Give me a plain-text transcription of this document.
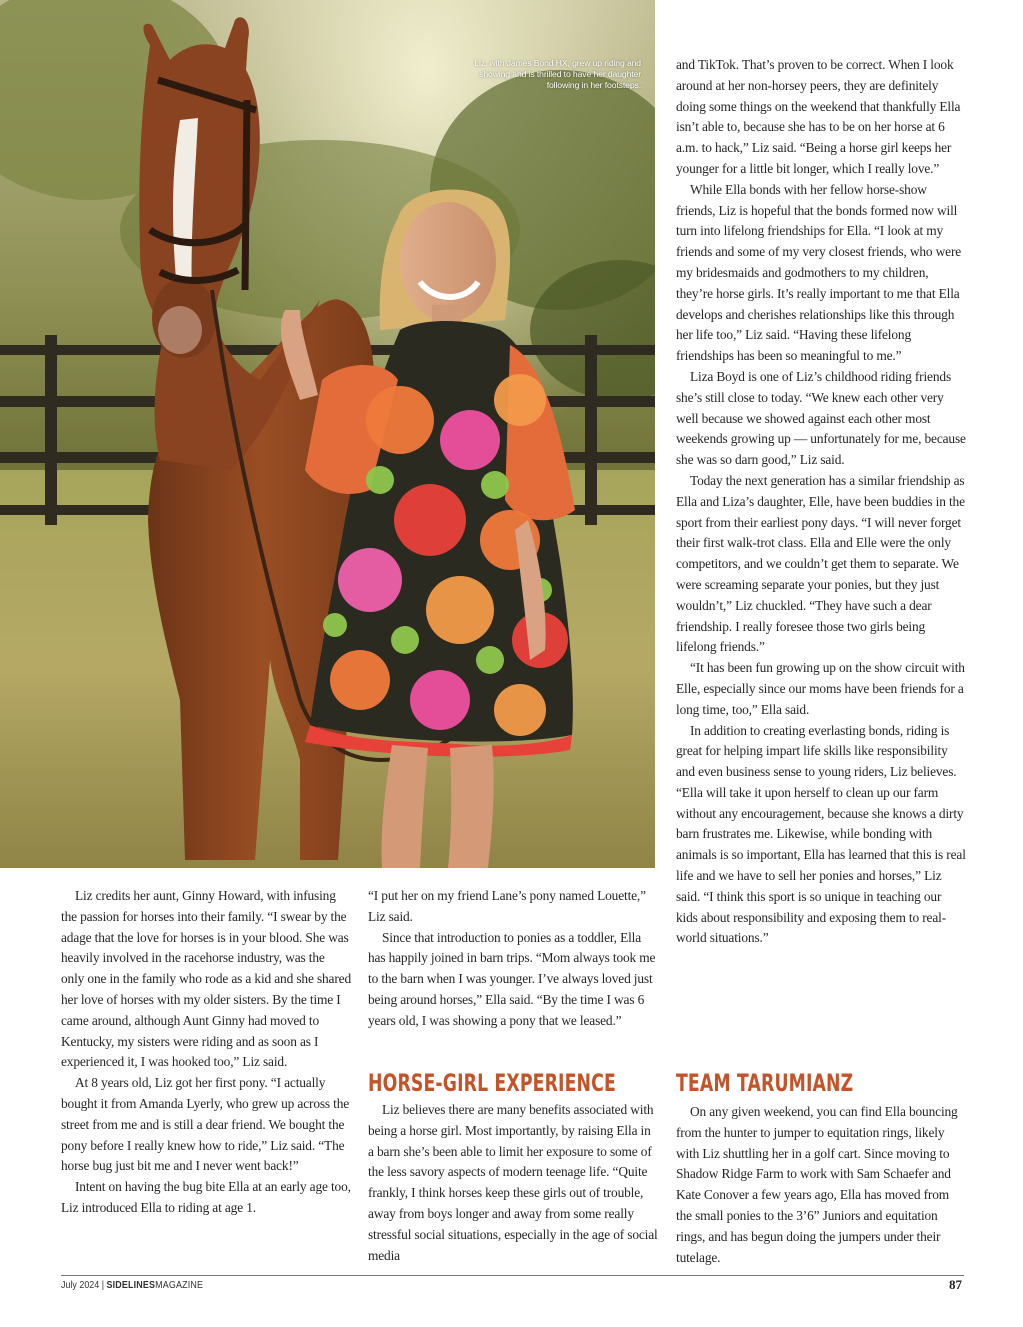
Liz, with James Bond HX, grew up riding and showing and is thrilled to have her daughter following in her footsteps.

and TikTok. That’s proven to be correct. When I look around at her non-horsey peers, they are definitely doing some things on the weekend that thankfully Ella isn’t able to, because she has to be on her horse at 6 a.m. to hack,” Liz said. “Being a horse girl keeps her younger for a little bit longer, which I really love.”

While Ella bonds with her fellow horse-show friends, Liz is hopeful that the bonds formed now will turn into lifelong friendships for Ella. “I look at my friends and some of my very closest friends, who were my bridesmaids and godmothers to my children, they’re horse girls. It’s really important to me that Ella develops and cherishes relationships like this through her life too,” Liz said. “Having these lifelong friendships has been so meaningful to me.”

Liza Boyd is one of Liz’s childhood riding friends she’s still close to today. “We knew each other very well because we showed against each other most weekends growing up — unfortunately for me, because she was so darn good,” Liz said.

Today the next generation has a similar friendship as Ella and Liza’s daughter, Elle, have been buddies in the sport from their earliest pony days. “I will never forget their first walk-trot class. Ella and Elle were the only competitors, and we couldn’t get them to separate. We were screaming separate your ponies, but they just wouldn’t,” Liz chuckled. “They have such a dear friendship. I really foresee those two girls being lifelong friends.”

“It has been fun growing up on the show circuit with Elle, especially since our moms have been friends for a long time, too,” Ella said.

In addition to creating everlasting bonds, riding is great for helping impart life skills like responsibility and even business sense to young riders, Liz believes. “Ella will take it upon herself to clean up our farm without any encouragement, because she knows a dirty barn frustrates me. Likewise, while bonding with animals is so important, Ella has learned that this is real life and we have to sell her ponies and horses,” Liz said. “I think this sport is so unique in teaching our kids about responsibility and exposing them to real-world situations.”

Liz credits her aunt, Ginny Howard, with infusing the passion for horses into their family. “I swear by the adage that the love for horses is in your blood. She was heavily involved in the racehorse industry, was the only one in the family who rode as a kid and she shared her love of horses with my older sisters. By the time I came around, although Aunt Ginny had moved to Kentucky, my sisters were riding and as soon as I experienced it, I was hooked too,” Liz said.

At 8 years old, Liz got her first pony. “I actually bought it from Amanda Lyerly, who grew up across the street from me and is still a dear friend. We bought the pony before I really knew how to ride,” Liz said. “The horse bug just bit me and I never went back!”

Intent on having the bug bite Ella at an early age too, Liz introduced Ella to riding at age 1.

“I put her on my friend Lane’s pony named Louette,” Liz said.

Since that introduction to ponies as a toddler, Ella has happily joined in barn trips. “Mom always took me to the barn when I was younger. I’ve always loved just being around horses,” Ella said. “By the time I was 6 years old, I was showing a pony that we leased.”

HORSE-GIRL EXPERIENCE

Liz believes there are many benefits associated with being a horse girl. Most importantly, by raising Ella in a barn she’s been able to limit her exposure to some of the less savory aspects of modern teenage life. “Quite frankly, I think horses keep these girls out of trouble, away from boys longer and away from some really stressful social situations, especially in the age of social media

TEAM TARUMIANZ

On any given weekend, you can find Ella bouncing from the hunter to jumper to equitation rings, likely with Liz shuttling her in a golf cart. Since moving to Shadow Ridge Farm to work with Sam Schaefer and Kate Conover a few years ago, Ella has moved from the small ponies to the 3’6” Juniors and equitation rings, and has begun doing the jumpers under their tutelage.

July 2024 | SIDELINESMAGAZINE	87
